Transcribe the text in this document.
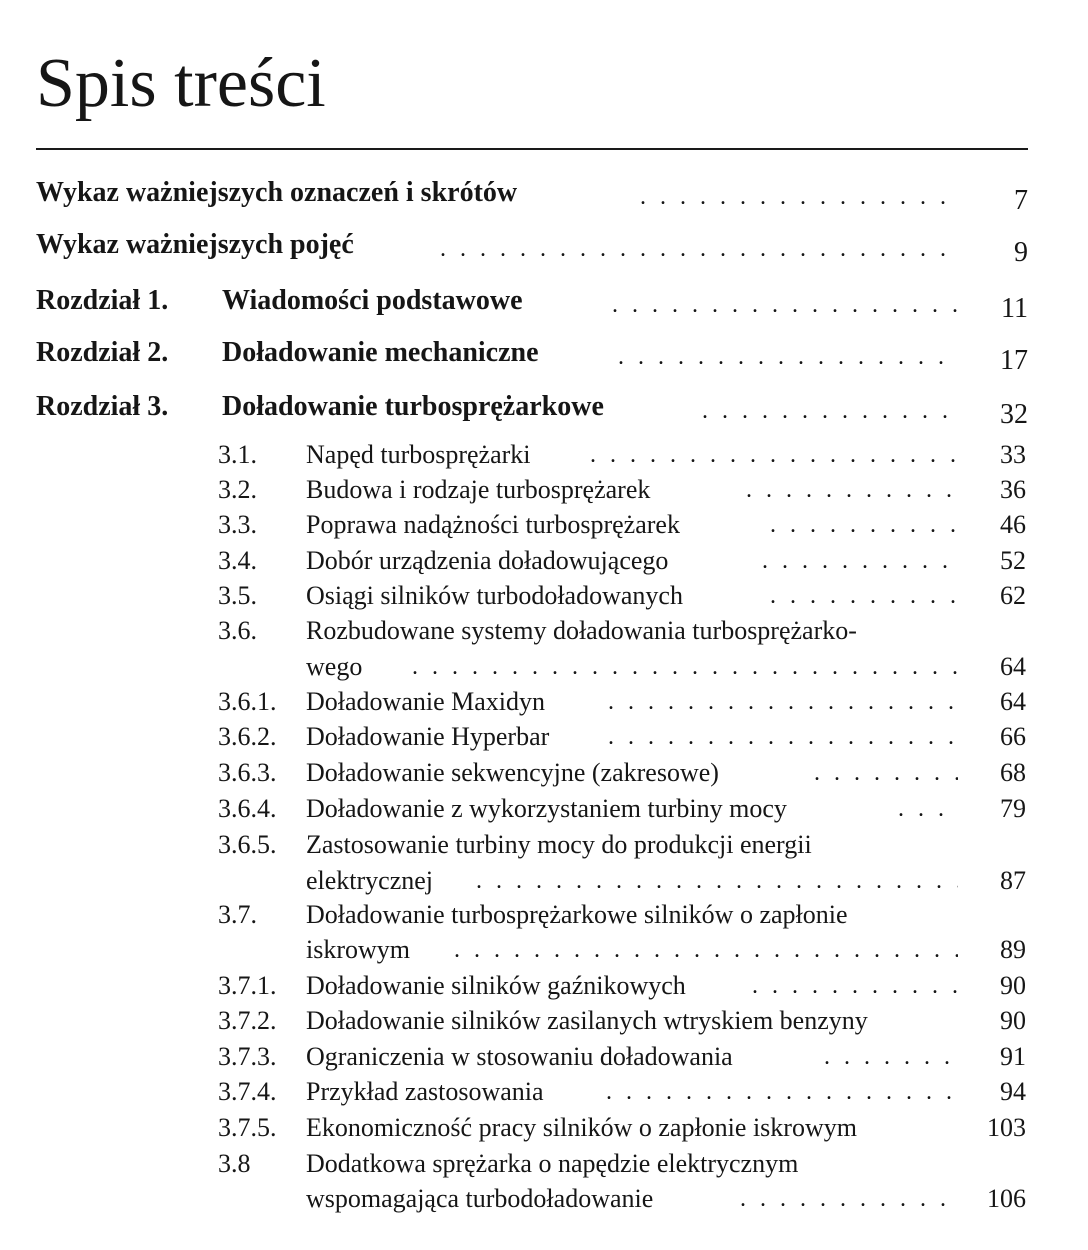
Spis treści
Wykaz ważniejszych oznaczeń i skrótów . . .	7
Wykaz ważniejszych pojęć . . .	9
Rozdział 1. Wiadomości podstawowe . . .	11
Rozdział 2. Doładowanie mechaniczne . . .	17
Rozdział 3. Doładowanie turbosprężarkowe . . .	32
3.1. Napęd turbosprężarki . . .	33
3.2. Budowa i rodzaje turbosprężarek . . .	36
3.3. Poprawa nadążności turbosprężarek . . .	46
3.4. Dobór urządzenia doładowującego . . .	52
3.5. Osiągi silników turbodoładowanych . . .	62
3.6. Rozbudowane systemy doładowania turbosprężarko-
wego . . .	64
3.6.1. Doładowanie Maxidyn . . .	64
3.6.2. Doładowanie Hyperbar . . .	66
3.6.3. Doładowanie sekwencyjne (zakresowe) . . .	68
3.6.4. Doładowanie z wykorzystaniem turbiny mocy . . .	79
3.6.5. Zastosowanie turbiny mocy do produkcji energii
elektrycznej . . .	87
3.7. Doładowanie turbosprężarkowe silników o zapłonie
iskrowym . . .	89
3.7.1. Doładowanie silników gaźnikowych . . .	90
3.7.2. Doładowanie silników zasilanych wtryskiem benzyny	90
3.7.3. Ograniczenia w stosowaniu doładowania . . .	91
3.7.4. Przykład zastosowania . . .	94
3.7.5. Ekonomiczność pracy silników o zapłonie iskrowym	103
3.8 Dodatkowa sprężarka o napędzie elektrycznym
wspomagająca turbodoładowanie . . .	106
